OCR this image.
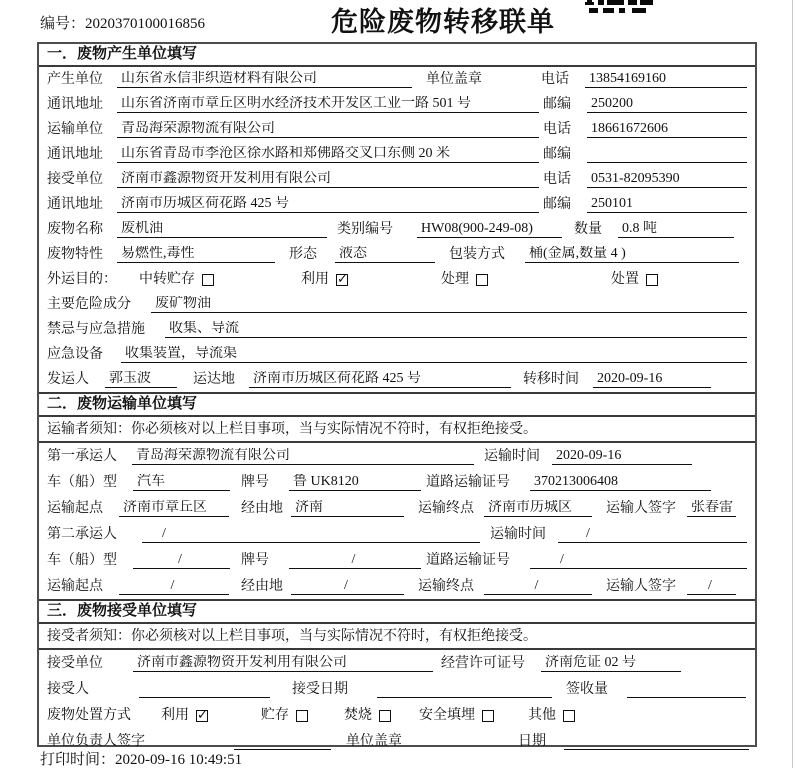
编号：2020370100016856	危险废物转移联单
一．废物产生单位填写
产生单位	山东省永信非织造材料有限公司	单位盖章	电话	13854169160
通讯地址	山东省济南市章丘区明水经济技术开发区工业一路 501 号	邮编	250200
运输单位	青岛海荣源物流有限公司	电话	18661672606
通讯地址	山东省青岛市李沧区徐水路和郑佛路交叉口东侧 20 米	邮编
接受单位	济南市鑫源物资开发利用有限公司	电话	0531-82095390
通讯地址	济南市历城区荷花路 425 号	邮编	250101
废物名称	废机油	类别编号	HW08(900-249-08)	数量	0.8 吨
废物特性	易燃性,毒性	形态	液态	包装方式	桶(金属,数量 4 )
外运目的：	中转贮存	利用 ✓	处理	处置
主要危险成分	废矿物油
禁忌与应急措施	收集、导流
应急设备	收集装置，导流渠
发运人	郭玉波	运达地	济南市历城区荷花路 425 号	转移时间 2020-09-16
二．废物运输单位填写
运输者须知：你必须核对以上栏目事项，当与实际情况不符时，有权拒绝接受。
第一承运人	青岛海荣源物流有限公司	运输时间	2020-09-16
车（船）型	汽车	牌号	鲁 UK8120	道路运输证号	370213006408
运输起点	济南市章丘区	经由地 济南	运输终点 济南市历城区	运输人签字 张春雷
第二承运人	/	运输时间	/
车（船）型	/	牌号	/	道路运输证号	/
运输起点	/	经由地	/	运输终点	/	运输人签字	/
三．废物接受单位填写
接受者须知：你必须核对以上栏目事项，当与实际情况不符时，有权拒绝接受。
接受单位	济南市鑫源物资开发利用有限公司	经营许可证号	济南危证 02 号
接受人	接受日期	签收量
废物处置方式	利用 ✓	贮存	焚烧	安全填埋	其他
单位负责人签字	单位盖章	日期
打印时间：2020-09-16 10:49:51
